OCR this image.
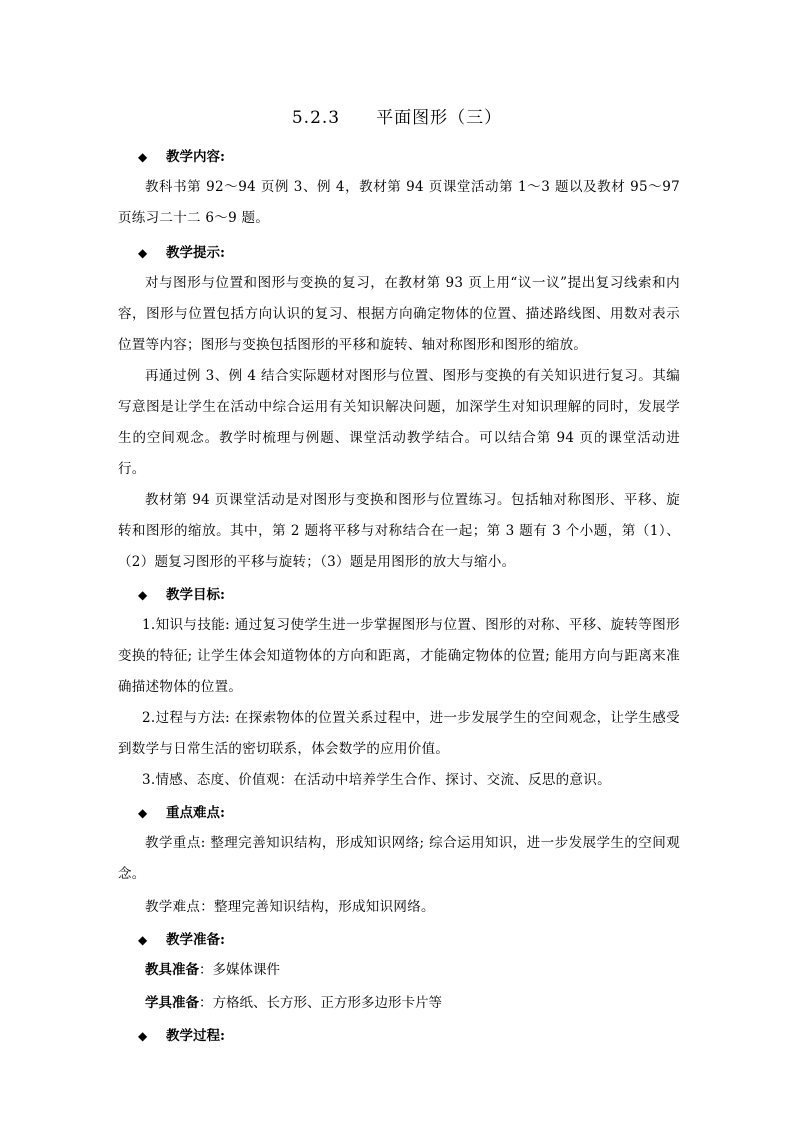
5.2.3　　平面图形（三）
◆ 教学内容:

教科书第 92～94 页例 3、例 4，教材第 94 页课堂活动第 1～3 题以及教材 95～97 页练习二十二 6～9 题。

◆ 教学提示:

对与图形与位置和图形与变换的复习，在教材第 93 页上用“议一议”提出复习线索和内容，图形与位置包括方向认识的复习、根据方向确定物体的位置、描述路线图、用数对表示位置等内容；图形与变换包括图形的平移和旋转、轴对称图形和图形的缩放。

再通过例 3、例 4 结合实际题材对图形与位置、图形与变换的有关知识进行复习。其编写意图是让学生在活动中综合运用有关知识解决问题，加深学生对知识理解的同时，发展学生的空间观念。教学时梳理与例题、课堂活动教学结合。可以结合第 94 页的课堂活动进行。

教材第 94 页课堂活动是对图形与变换和图形与位置练习。包括轴对称图形、平移、旋转和图形的缩放。其中，第 2 题将平移与对称结合在一起；第 3 题有 3 个小题，第（1）、（2）题复习图形的平移与旋转；（3）题是用图形的放大与缩小。

◆ 教学目标:

1.知识与技能: 通过复习使学生进一步掌握图形与位置、图形的对称、平移、旋转等图形变换的特征; 让学生体会知道物体的方向和距离，才能确定物体的位置; 能用方向与距离来准确描述物体的位置。

2.过程与方法: 在探索物体的位置关系过程中，进一步发展学生的空间观念，让学生感受到数学与日常生活的密切联系，体会数学的应用价值。

3.情感、态度、价值观：在活动中培养学生合作、探讨、交流、反思的意识。

◆ 重点难点:

教学重点: 整理完善知识结构，形成知识网络; 综合运用知识，进一步发展学生的空间观念。

教学难点：整理完善知识结构，形成知识网络。

◆ 教学准备:

教具准备：多媒体课件

学具准备：方格纸、长方形、正方形多边形卡片等

◆ 教学过程:
